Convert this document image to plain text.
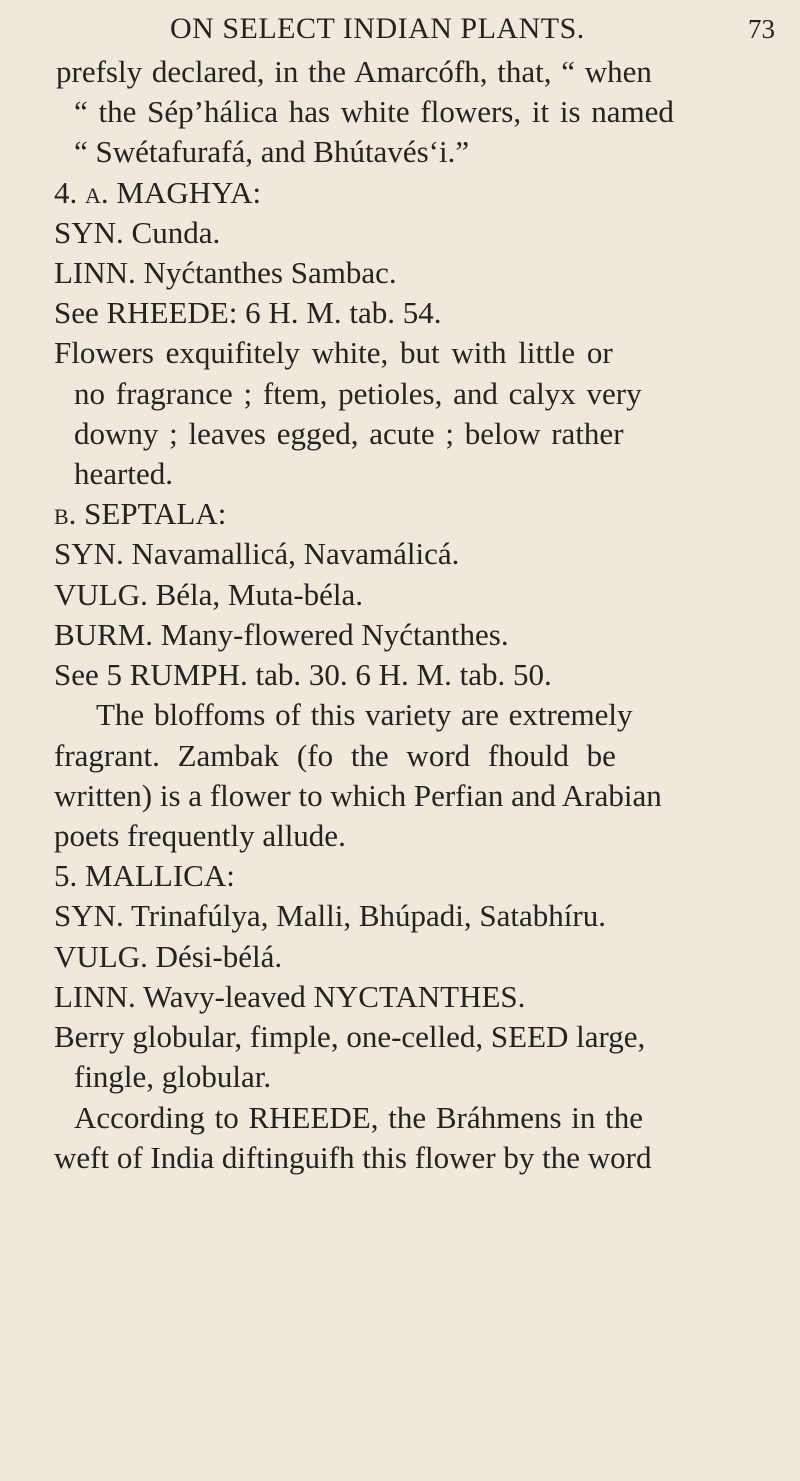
ON SELECT INDIAN PLANTS.	73
prefsly declared, in the Amarcófh, that, “ when
“ the Sép’hálica has white flowers, it is named
“ Swétafurafá, and Bhútavés‘i.”
4. α. MAGHYA:
SYN. Cunda.
LINN. Nyćtanthes Sambac.
See RHEEDE: 6 H. M. tab. 54.
Flowers exquifitely white, but with little or
no fragrance ; ftem, petioles, and calyx very
downy ; leaves egged, acute ; below rather
hearted.
β. SEPTALA:
SYN. Navamallicá, Navamálicá.
VULG. Béla, Muta-béla.
BURM. Many-flowered Nyćtanthes.
See 5 RUMPH. tab. 30. 6 H. M. tab. 50.
The bloffoms of this variety are extremely
fragrant. Zambak (fo the word fhould be
written) is a flower to which Perfian and Arabian
poets frequently allude.
5. MALLICA:
SYN. Trinafúlya, Malli, Bhúpadi, Satabhíru.
VULG. Dési-bélá.
LINN. Wavy-leaved NYCTANTHES.
Berry globular, fimple, one-celled, SEED large,
fingle, globular.
According to RHEEDE, the Bráhmens in the
weft of India diftinguifh this flower by the word
